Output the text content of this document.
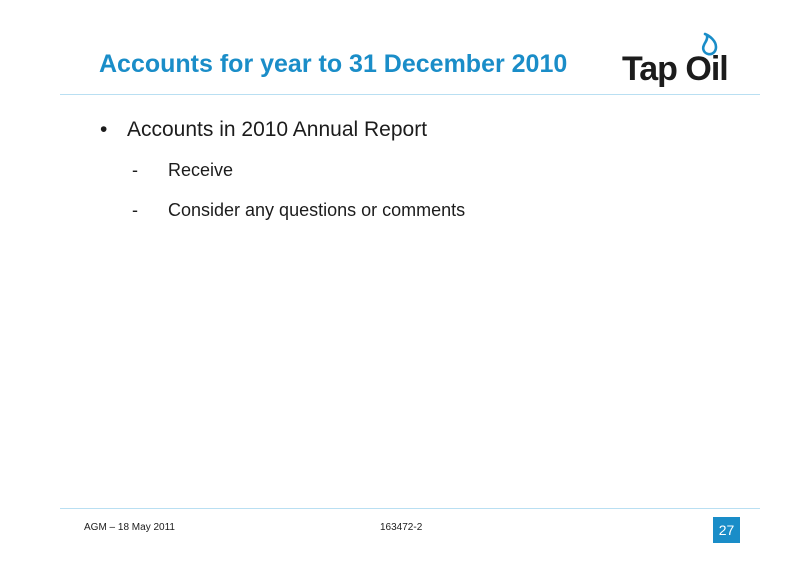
Accounts for year to 31 December 2010 Tap Oil
• Accounts in 2010 Annual Report
- Receive
- Consider any questions or comments
AGM – 18 May 2011	163472-2	27
